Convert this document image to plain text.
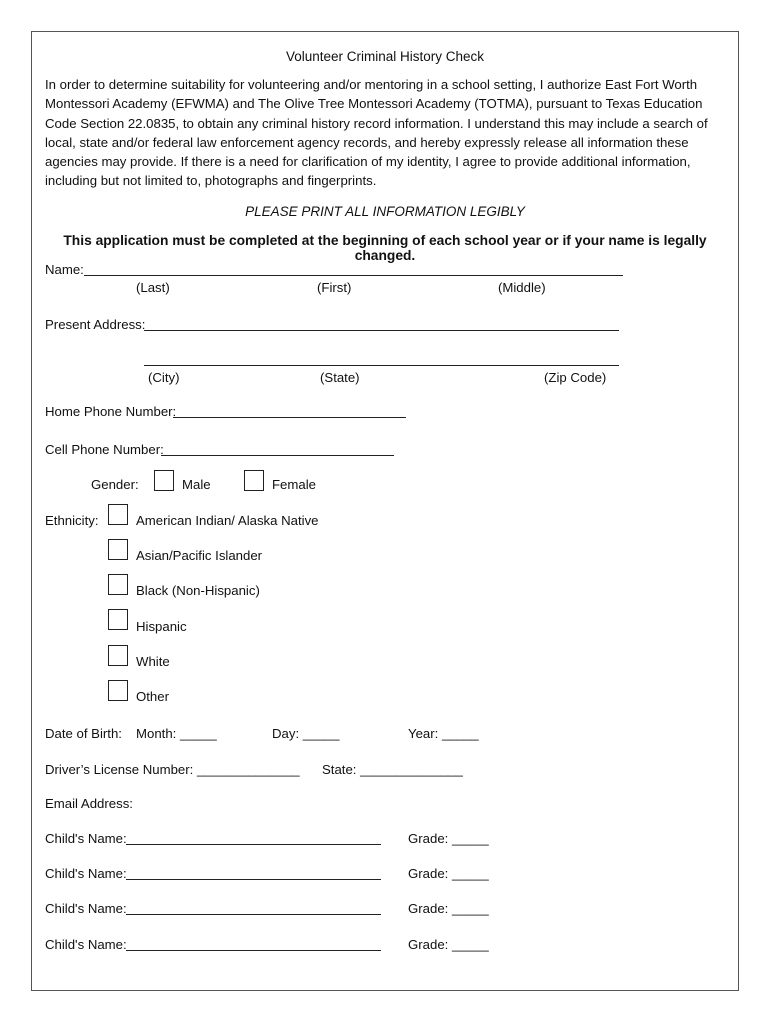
Volunteer Criminal History Check
In order to determine suitability for volunteering and/or mentoring in a school setting, I authorize East Fort Worth Montessori Academy (EFWMA) and The Olive Tree Montessori Academy (TOTMA), pursuant to Texas Education Code Section 22.0835, to obtain any criminal history record information. I understand this may include a search of local, state and/or federal law enforcement agency records, and hereby expressly release all information these agencies may provide. If there is a need for clarification of my identity, I agree to provide additional information, including but not limited to, photographs and fingerprints.
PLEASE PRINT ALL INFORMATION LEGIBLY
This application must be completed at the beginning of each school year or if your name is legally changed.
Name:
(Last)	(First)	(Middle)
Present Address:
(City)	(State)	(Zip Code)
Home Phone Number:
Cell Phone Number:
Gender:	Male	Female
Ethnicity:	American Indian/ Alaska Native
Asian/Pacific Islander
Black (Non-Hispanic)
Hispanic
White
Other
Date of Birth: Month: _____	Day: _____	Year: _____
Driver’s License Number: ______________ State: ______________
Email Address:
Child's Name:	Grade: _____
Child's Name:	Grade: _____
Child's Name:	Grade: _____
Child's Name:	Grade: _____
